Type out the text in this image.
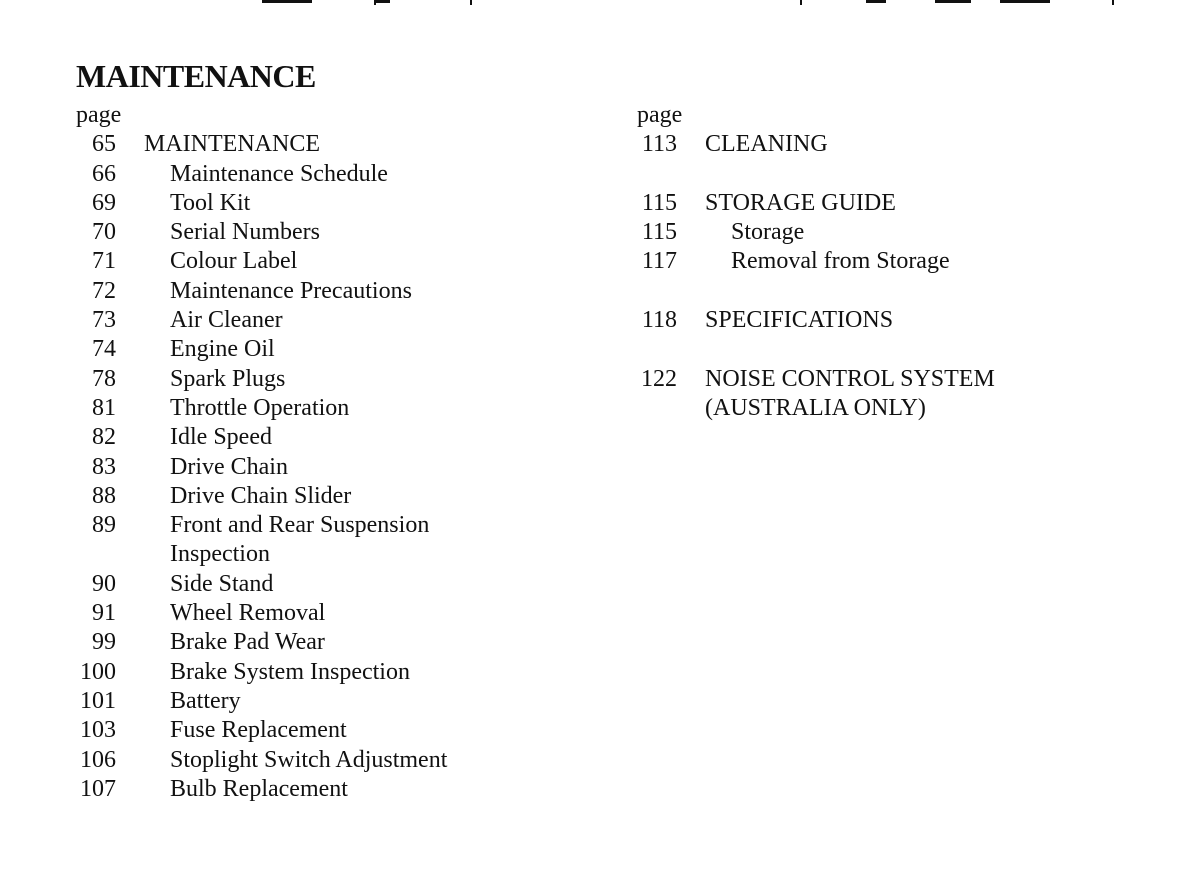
MAINTENANCE
page
65	MAINTENANCE
66	Maintenance Schedule
69	Tool Kit
70	Serial Numbers
71	Colour Label
72	Maintenance Precautions
73	Air Cleaner
74	Engine Oil
78	Spark Plugs
81	Throttle Operation
82	Idle Speed
83	Drive Chain
88	Drive Chain Slider
89	Front and Rear Suspension
Inspection
90	Side Stand
91	Wheel Removal
99	Brake Pad Wear
100	Brake System Inspection
101	Battery
103	Fuse Replacement
106	Stoplight Switch Adjustment
107	Bulb Replacement
page
113	CLEANING
115	STORAGE GUIDE
115	Storage
117	Removal from Storage
118	SPECIFICATIONS
122	NOISE CONTROL SYSTEM
(AUSTRALIA ONLY)
